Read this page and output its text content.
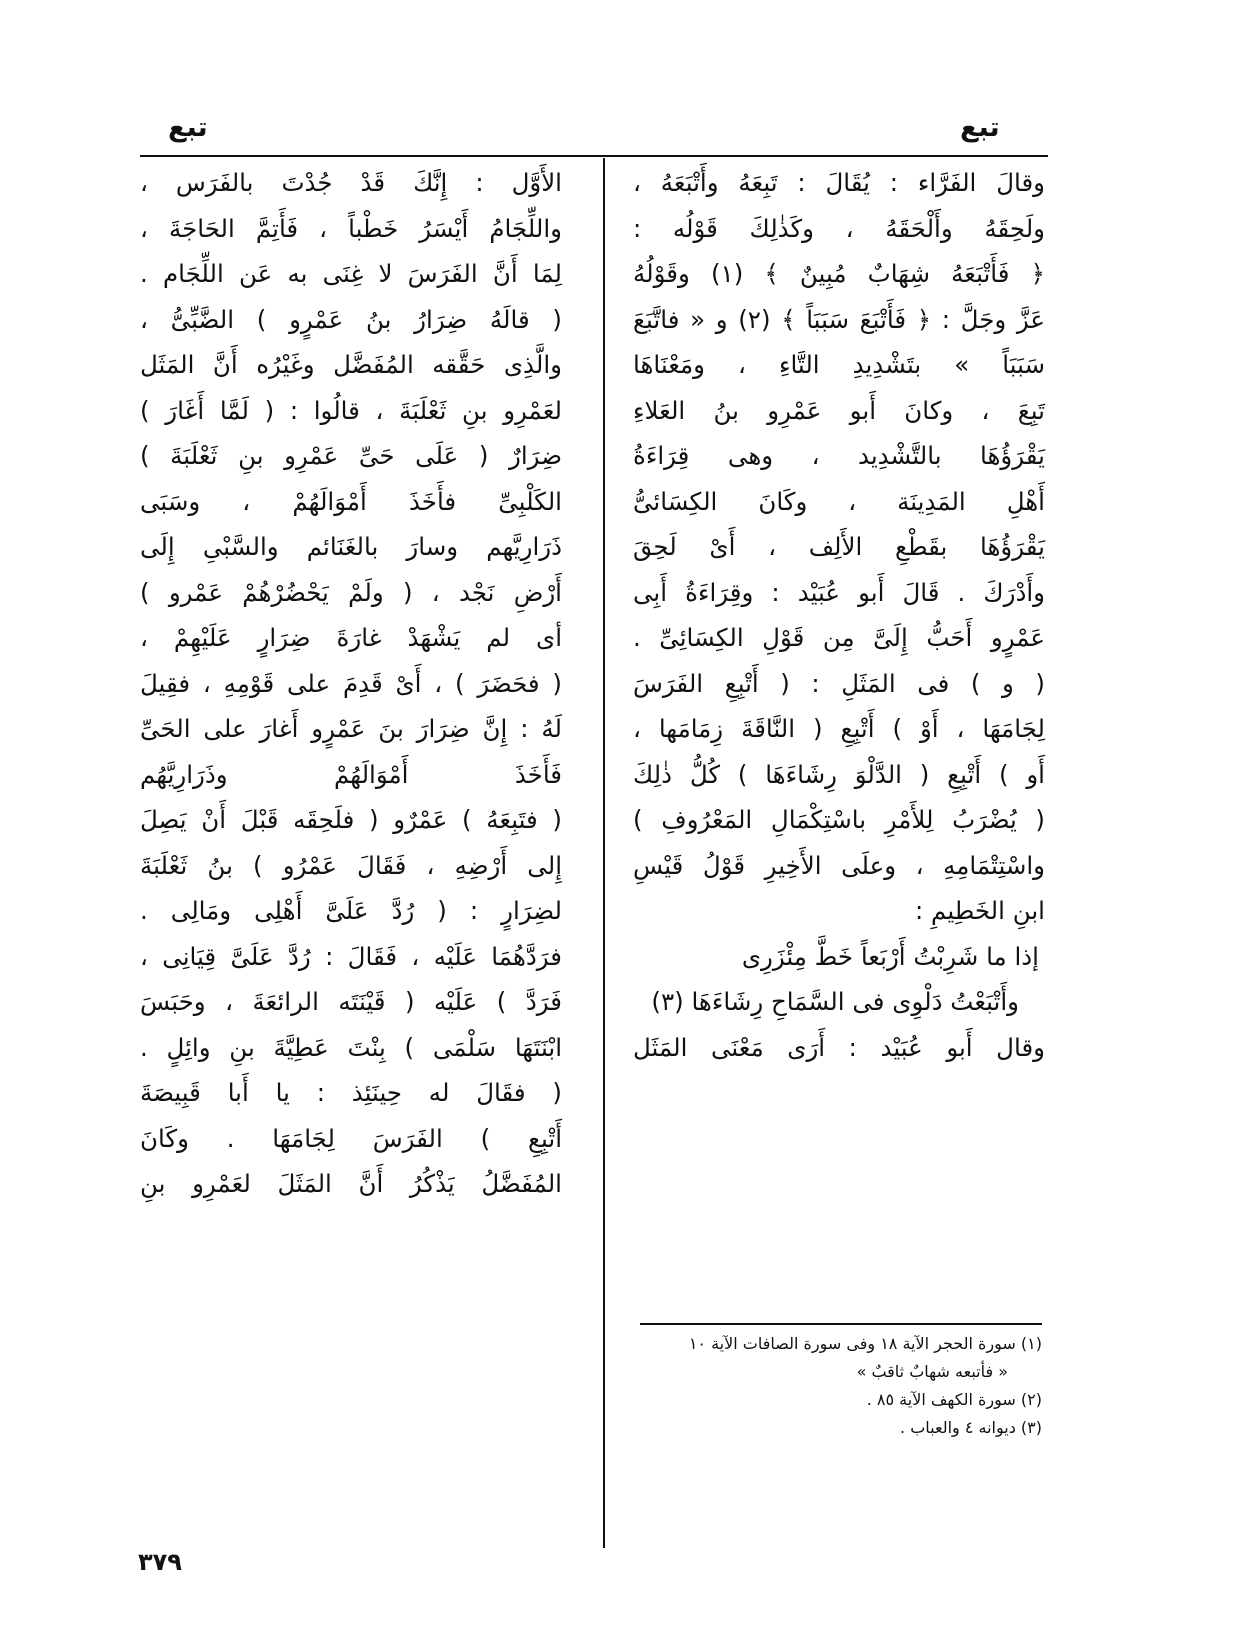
تبع	تبع
الأَوَّل : إِنَّكَ قَدْ جُدْتَ بالفَرَس ،
واللِّجَامُ أَيْسَرُ خَطْباً ، فَأَتِمَّ الحَاجَةَ ،
لِمَا أَنَّ الفَرَسَ لا غِنَى به عَن اللِّجَام .
( قالَهُ ضِرَارُ بنُ عَمْرٍو ) الضَّبِّىُّ ،
والَّذِى حَقَّقه المُفَضَّل وغَيْرُه أَنَّ المَثَل
لعَمْرِو بنِ ثَعْلَبَةَ ، قالُوا : ( لَمَّا أَغَارَ )
ضِرَارٌ ( عَلَى حَىِّ عَمْرِو بنِ ثَعْلَبَةَ )
الكَلْبِىِّ فأَخَذَ أَمْوَالَهُمْ ، وسَبَى
ذَرَارِيَّهم وسارَ بالغَنَائم والسَّبْىِ إِلَى
أَرْضِ نَجْد ، ( ولَمْ يَحْضُرْهُمْ عَمْرو )
أى لم يَشْهَدْ غارَةَ ضِرَارٍ عَلَيْهِمْ ،
( فحَضَرَ ) ، أَىْ قَدِمَ على قَوْمِهِ ، فقِيلَ
لَهُ : إِنَّ ضِرَارَ بنَ عَمْرٍو أَغارَ على الحَىِّ
فَأَخَذَ أَمْوَالَهُمْ وذَرَارِيَّهُم
( فتَبِعَهُ ) عَمْرٌو ( فلَحِقَه قَبْلَ أَنْ يَصِلَ
إِلى أَرْضِهِ ، فَقَالَ عَمْرُو ) بنُ ثَعْلَبَةَ
لضِرَارٍ : ( رُدَّ عَلَىَّ أَهْلِى ومَالِى .
فرَدَّهُمَا عَلَيْه ، فَقَالَ : رُدَّ عَلَىَّ قِيَانِى ،
فَرَدَّ ) عَلَيْه ( قَيْنَتَه الرائعَةَ ، وحَبَسَ
ابْنَتَهَا سَلْمَى ) بِنْتَ عَطِيَّةَ بنِ وائِلٍ .
( فقَالَ له حِينَئِذ : يا أَبا قَبِيصَةَ
أَتْبِعِ ) الفَرَسَ لِجَامَهَا . وكَانَ
المُفَضَّلُ يَذْكُرُ أَنَّ المَثَلَ لعَمْرِو بنِ
وقالَ الفَرَّاء : يُقَالَ : تَبِعَهُ وأَتْبَعَهُ ،
ولَحِقَهُ وأَلْحَقَهُ ، وكَذٰلِكَ قَوْلُه :
﴿ فَأَتْبَعَهُ شِهَابٌ مُبِينٌ ﴾ (١) وقَوْلُهُ
عَزَّ وجَلَّ : ﴿ فَأَتْبَعَ سَبَبَاً ﴾ (٢) و « فاتَّبَعَ
سَبَبَاً » بتَشْدِيدِ التَّاءِ ، ومَعْنَاهَا
تَبِعَ ، وكانَ أَبو عَمْرِو بنُ العَلاءِ
يَقْرَؤُهَا بالتَّشْدِيد ، وهى قِرَاءَةُ
أَهْلِ المَدِينَة ، وكَانَ الكِسَائىُّ
يَقْرَؤُهَا بقَطْعِ الأَلِف ، أَىْ لَحِقَ
وأَدْرَكَ . قَالَ أَبو عُبَيْد : وقِرَاءَةُ أَبِى
عَمْرٍو أَحَبُّ إِلَىَّ مِن قَوْلِ الكِسَائِىِّ .
( و ) فى المَثَلِ : ( أَتْبِعِ الفَرَسَ
لِجَامَهَا ، أَوْ ) أَتْبِعِ ( النَّاقَةَ زِمَامَها ،
أَو ) أَتْبِعِ ( الدَّلْوَ رِشَاءَهَا ) كُلُّ ذٰلِكَ
( يُضْرَبُ لِلأَمْرِ باسْتِكْمَالِ المَعْرُوفِ )
واسْتِتْمَامِهِ ، وعلَى الأَخِيرِ قَوْلُ قَيْسِ
ابنِ الخَطِيمِ :
إذا ما شَرِبْتُ أَرْبَعاً خَطَّ مِئْزَرِى
وأَتْبَعْتُ دَلْوِى فى السَّمَاحِ رِشَاءَهَا (٣)
وقال أَبو عُبَيْد : أَرَى مَعْنَى المَثَل
(١) سورة الحجر الآية ١٨ وفى سورة الصافات الآية ١٠
« فأتبعه شهابٌ ثاقبٌ »
(٢) سورة الكهف الآية ٨٥ .
(٣) ديوانه ٤ والعباب .
٣٧٩
